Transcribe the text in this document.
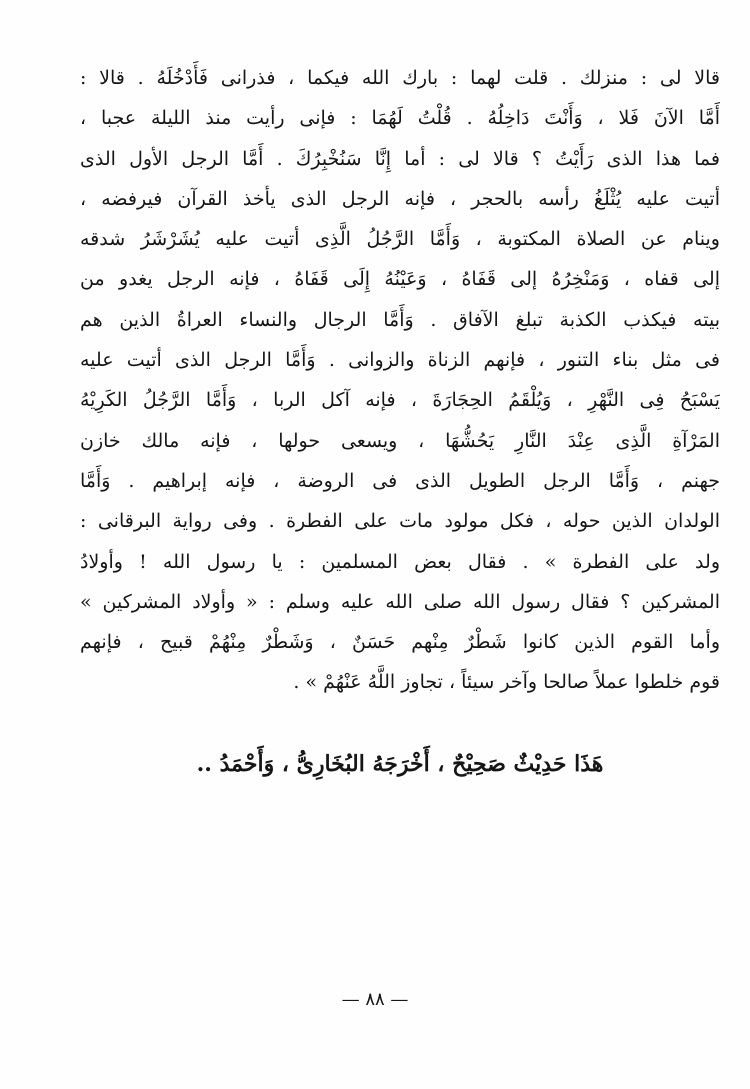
قالا لى : منزلك . قلت لهما : بارك الله فيكما ، فذرانى فَأَدْخُلَهُ . قالا :
أَمَّا الآنَ فَلا ، وَأَنْتَ دَاخِلُهُ . قُلْتُ لَهُمَا : فإنى رأيت منذ الليلة عجبا ،
فما هذا الذى رَأَيْتُ ؟ قالا لى : أما إِنَّا سَنُخْبِرُكَ . أَمَّا الرجل الأول الذى
أتيت عليه يُثْلَغُ رأسه بالحجر ، فإنه الرجل الذى يأخذ القرآن فيرفضه ،
وينام عن الصلاة المكتوبة ، وَأَمَّا الرَّجُلُ الَّذِى أتيت عليه يُشَرْشَرُ شدقه
إلى قفاه ، وَمَنْخِرُهُ إلى قَفَاهُ ، وَعَيْنُهُ إِلَى قَفَاهُ ، فإنه الرجل يغدو من
بيته فيكذب الكذبة تبلغ الآفاق . وَأَمَّا الرجال والنساء العراةُ الذين هم
فى مثل بناء التنور ، فإنهم الزناة والزوانى . وَأَمَّا الرجل الذى أتيت عليه
يَسْبَحُ فِى النَّهْرِ ، وَيُلْقَمُ الحِجَارَةَ ، فإنه آكل الربا ، وَأَمَّا الرَّجُلُ الكَرِيْهُ
المَرْآةِ الَّذِى عِنْدَ النَّارِ يَحُشُّهَا ، ويسعى حولها ، فإنه مالك خازن
جهنم ، وَأَمَّا الرجل الطويل الذى فى الروضة ، فإنه إبراهيم . وَأَمَّا
الولدان الذين حوله ، فكل مولود مات على الفطرة . وفى رواية البرقانى :
ولد على الفطرة » . فقال بعض المسلمين : يا رسول الله ! وأولادُ
المشركين ؟ فقال رسول الله صلى الله عليه وسلم : « وأولاد المشركين »
وأما القوم الذين كانوا شَطْرٌ مِنْهم حَسَنٌ ، وَشَطْرٌ مِنْهُمْ قبيح ، فإنهم
قوم خلطوا عملاً صالحا وآخر سيئاً ، تجاوز اللَّهُ عَنْهُمْ » .
هَذَا حَدِيْثٌ صَحِيْحٌ ، أَخْرَجَهُ البُخَارِىُّ ، وَأَحْمَدُ ..
— ٨٨ —
